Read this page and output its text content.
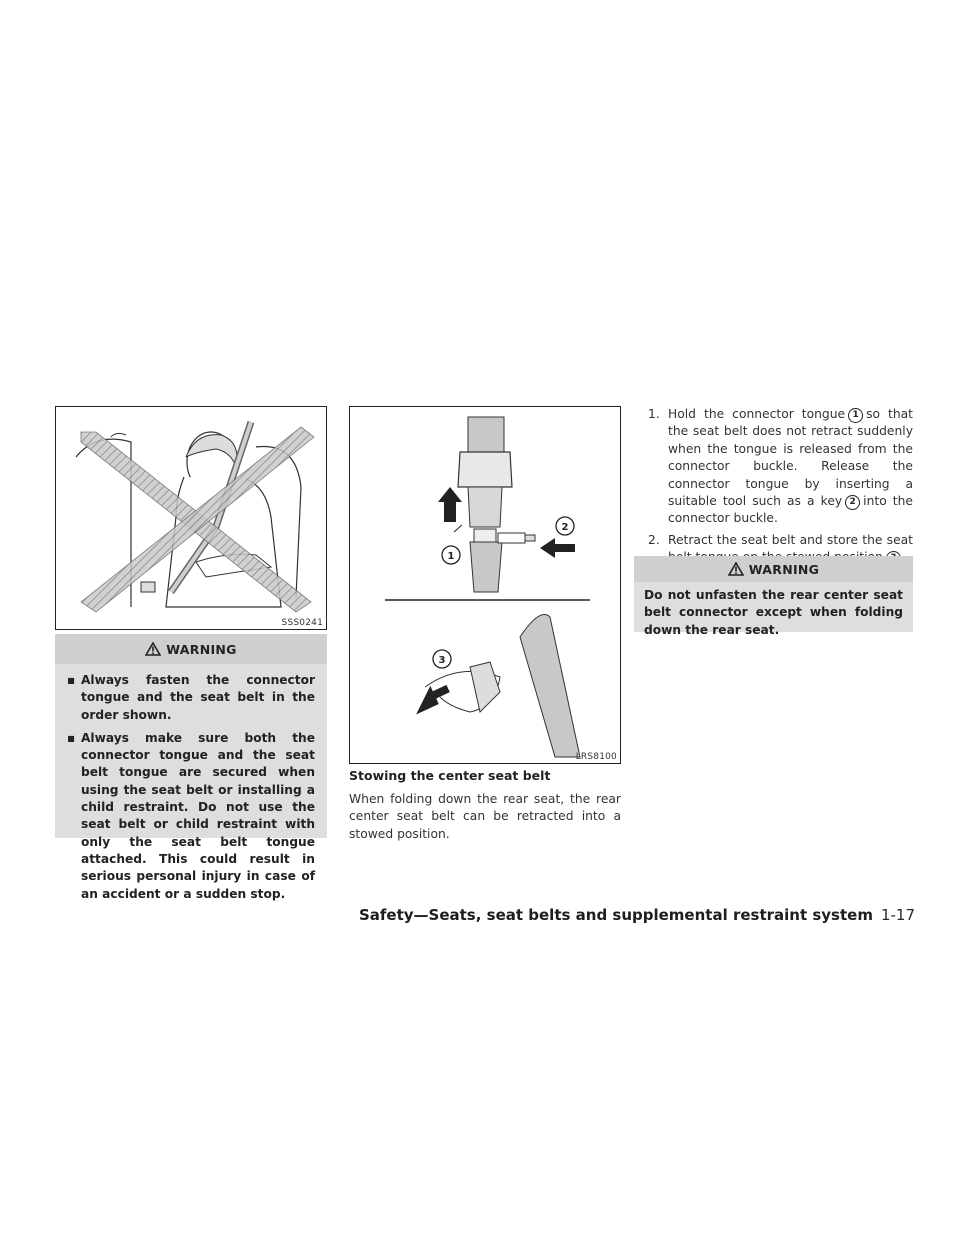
SSS0241
WARNING
▪ Always fasten the connector tongue and the seat belt in the order shown.
▪ Always make sure both the connector tongue and the seat belt tongue are secured when using the seat belt or installing a child restraint. Do not use the seat belt or child restraint with only the seat belt tongue attached. This could result in serious personal injury in case of an accident or a sudden stop.
1
2
3
LRS8100
Stowing the center seat belt
When folding down the rear seat, the rear center seat belt can be retracted into a stowed position.
1. Hold the connector tongue 1 so that the seat belt does not retract suddenly when the tongue is released from the connector buckle. Release the connector tongue by inserting a suitable tool such as a key 2 into the connector buckle.
2. Retract the seat belt and store the seat
WARNING
Do not unfasten the rear center seat belt connector except when folding down the rear seat.
Safety—Seats, seat belts and supplemental restraint system 1-17
